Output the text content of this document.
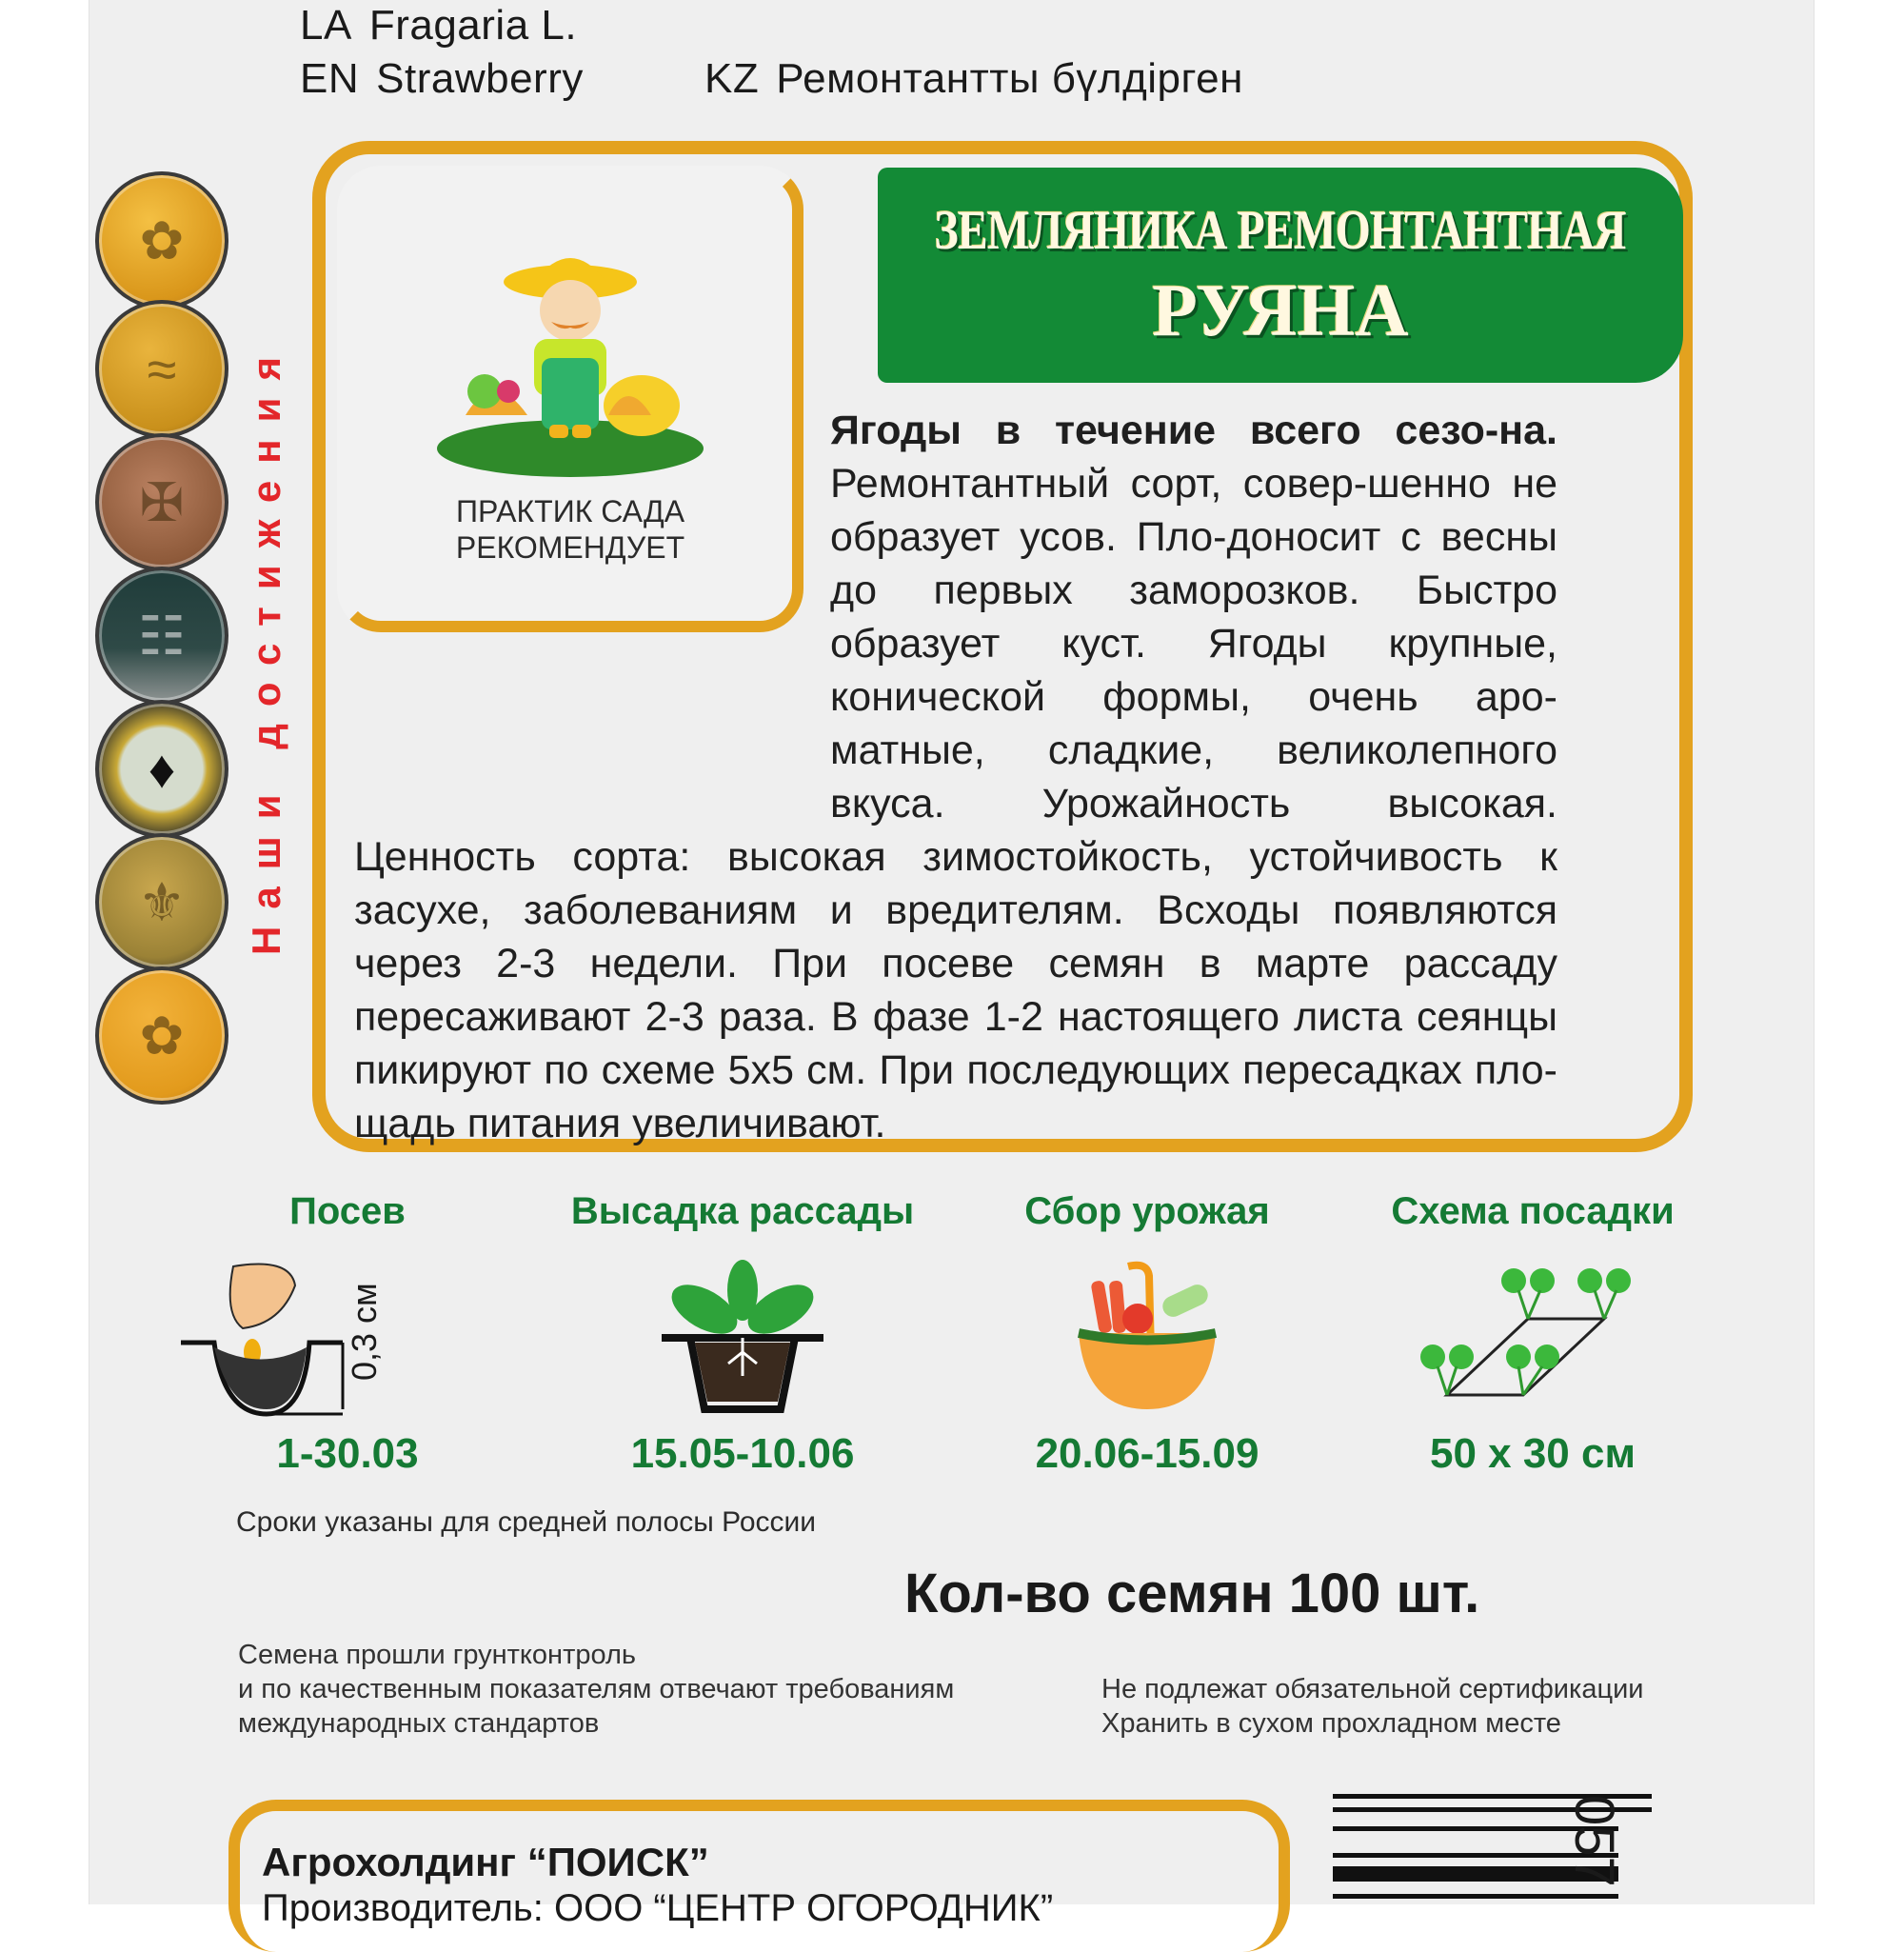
LA Fragaria L.
EN Strawberry	KZ Ремонтантты бүлдірген
✿
≈
✠
☷
♦
⚜
✿
Наши достижения	ПРАКТИК САДА
РЕКОМЕНДУЕТ
ЗЕМЛЯНИКА РЕМОНТАНТНАЯ
РУЯНА
Ягоды в течение всего сезо-на. Ремонтантный сорт, совер-шенно не образует усов. Пло-доносит с весны до первых заморозков. Быстро образует куст. Ягоды крупные, конической формы, очень аро-матные, сладкие, великолепного вкуса. Урожайность высокая. Ценность сорта: высокая зимостойкость, устойчивость к засухе, заболеваниям и вредителям. Всходы появляются через 2-3 недели. При посеве семян в марте рассаду пересаживают 2-3 раза. В фазе 1-2 настоящего листа сеянцы пикируют по схеме 5х5 см. При последующих пересадках пло-щадь питания увеличивают.
Посев
0,3 см
1-30.03
Высадка рассады
15.05-10.06
Сбор урожая
20.06-15.09
Схема посадки
50 х 30 см
Сроки указаны для средней полосы России
Кол-во семян 100 шт.
Семена прошли грунтконтроль
и по качественным показателям отвечают требованиям
международных стандартов
Не подлежат обязательной сертификации
Хранить в сухом прохладном месте
Агрохолдинг “ПОИСК”
Производитель: ООО “ЦЕНТР ОГОРОДНИК”
057
